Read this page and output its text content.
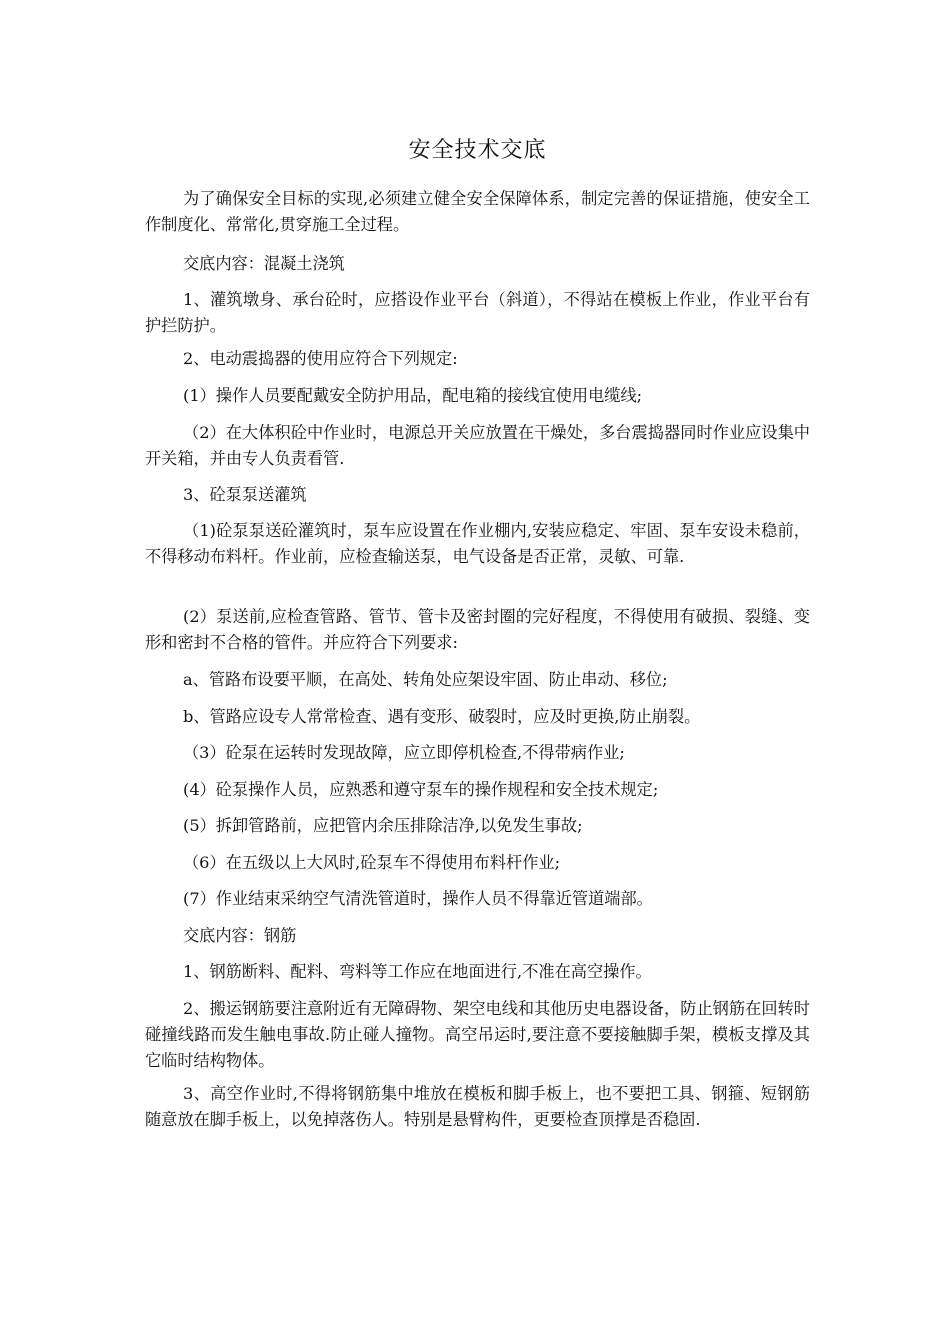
安全技术交底

为了确保安全目标的实现,必须建立健全安全保障体系，制定完善的保证措施，使安全工作制度化、常常化,贯穿施工全过程。

交底内容：混凝土浇筑

1、灌筑墩身、承台砼时，应搭设作业平台（斜道），不得站在模板上作业，作业平台有护拦防护。

2、电动震捣器的使用应符合下列规定:

(1）操作人员要配戴安全防护用品，配电箱的接线宜使用电缆线;

（2）在大体积砼中作业时，电源总开关应放置在干燥处，多台震捣器同时作业应设集中开关箱，并由专人负责看管.

3、砼泵泵送灌筑

（1)砼泵泵送砼灌筑时，泵车应设置在作业棚内,安装应稳定、牢固、泵车安设未稳前，不得移动布料杆。作业前，应检查输送泵，电气设备是否正常，灵敏、可靠.

(2）泵送前,应检查管路、管节、管卡及密封圈的完好程度，不得使用有破损、裂缝、变形和密封不合格的管件。并应符合下列要求:

a、管路布设要平顺，在高处、转角处应架设牢固、防止串动、移位;

b、管路应设专人常常检查、遇有变形、破裂时，应及时更换,防止崩裂。

（3）砼泵在运转时发现故障，应立即停机检查,不得带病作业;

(4）砼泵操作人员，应熟悉和遵守泵车的操作规程和安全技术规定;

(5）拆卸管路前，应把管内余压排除洁净,以免发生事故;

（6）在五级以上大风时,砼泵车不得使用布料杆作业;

(7）作业结束采纳空气清洗管道时，操作人员不得靠近管道端部。

交底内容：钢筋

1、钢筋断料、配料、弯料等工作应在地面进行,不准在高空操作。

2、搬运钢筋要注意附近有无障碍物、架空电线和其他历史电器设备，防止钢筋在回转时碰撞线路而发生触电事故.防止碰人撞物。高空吊运时,要注意不要接触脚手架，模板支撑及其它临时结构物体。

3、高空作业时,不得将钢筋集中堆放在模板和脚手板上，也不要把工具、钢箍、短钢筋随意放在脚手板上，以免掉落伤人。特别是悬臂构件，更要检查顶撑是否稳固.
